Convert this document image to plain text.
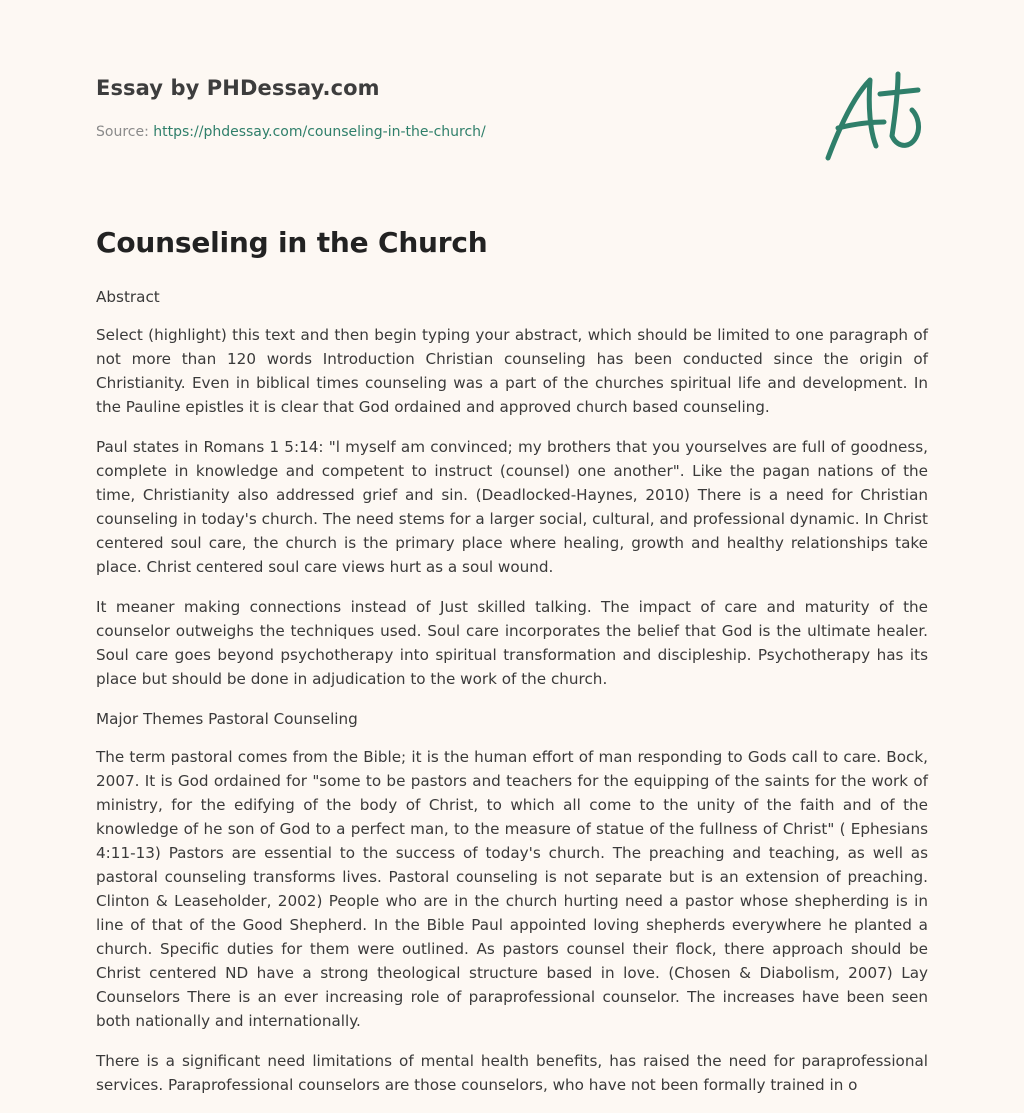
Essay by PHDessay.com
Source: https://phdessay.com/counseling-in-the-church/
Counseling in the Church

Abstract

Select (highlight) this text and then begin typing your abstract, which should be limited to one paragraph of not more than 120 words Introduction Christian counseling has been conducted since the origin of Christianity. Even in biblical times counseling was a part of the churches spiritual life and development. In the Pauline epistles it is clear that God ordained and approved church based counseling.

Paul states in Romans 1 5:14: "l myself am convinced; my brothers that you yourselves are full of goodness, complete in knowledge and competent to instruct (counsel) one another". Like the pagan nations of the time, Christianity also addressed grief and sin. (Deadlocked-Haynes, 2010) There is a need for Christian counseling in today's church. The need stems for a larger social, cultural, and professional dynamic. In Christ centered soul care, the church is the primary place where healing, growth and healthy relationships take place. Christ centered soul care views hurt as a soul wound.

It meaner making connections instead of Just skilled talking. The impact of care and maturity of the counselor outweighs the techniques used. Soul care incorporates the belief that God is the ultimate healer. Soul care goes beyond psychotherapy into spiritual transformation and discipleship. Psychotherapy has its place but should be done in adjudication to the work of the church.

Major Themes Pastoral Counseling

The term pastoral comes from the Bible; it is the human effort of man responding to Gods call to care. Bock, 2007. It is God ordained for "some to be pastors and teachers for the equipping of the saints for the work of ministry, for the edifying of the body of Christ, to which all come to the unity of the faith and of the knowledge of he son of God to a perfect man, to the measure of statue of the fullness of Christ" ( Ephesians 4:11-13) Pastors are essential to the success of today's church. The preaching and teaching, as well as pastoral counseling transforms lives. Pastoral counseling is not separate but is an extension of preaching. Clinton & Leaseholder, 2002) People who are in the church hurting need a pastor whose shepherding is in line of that of the Good Shepherd. In the Bible Paul appointed loving shepherds everywhere he planted a church. Specific duties for them were outlined. As pastors counsel their flock, there approach should be Christ centered ND have a strong theological structure based in love. (Chosen & Diabolism, 2007) Lay Counselors There is an ever increasing role of paraprofessional counselor. The increases have been seen both nationally and internationally.

There is a significant need limitations of mental health benefits, has raised the need for paraprofessional services. Paraprofessional counselors are those counselors, who have not been formally trained in o
